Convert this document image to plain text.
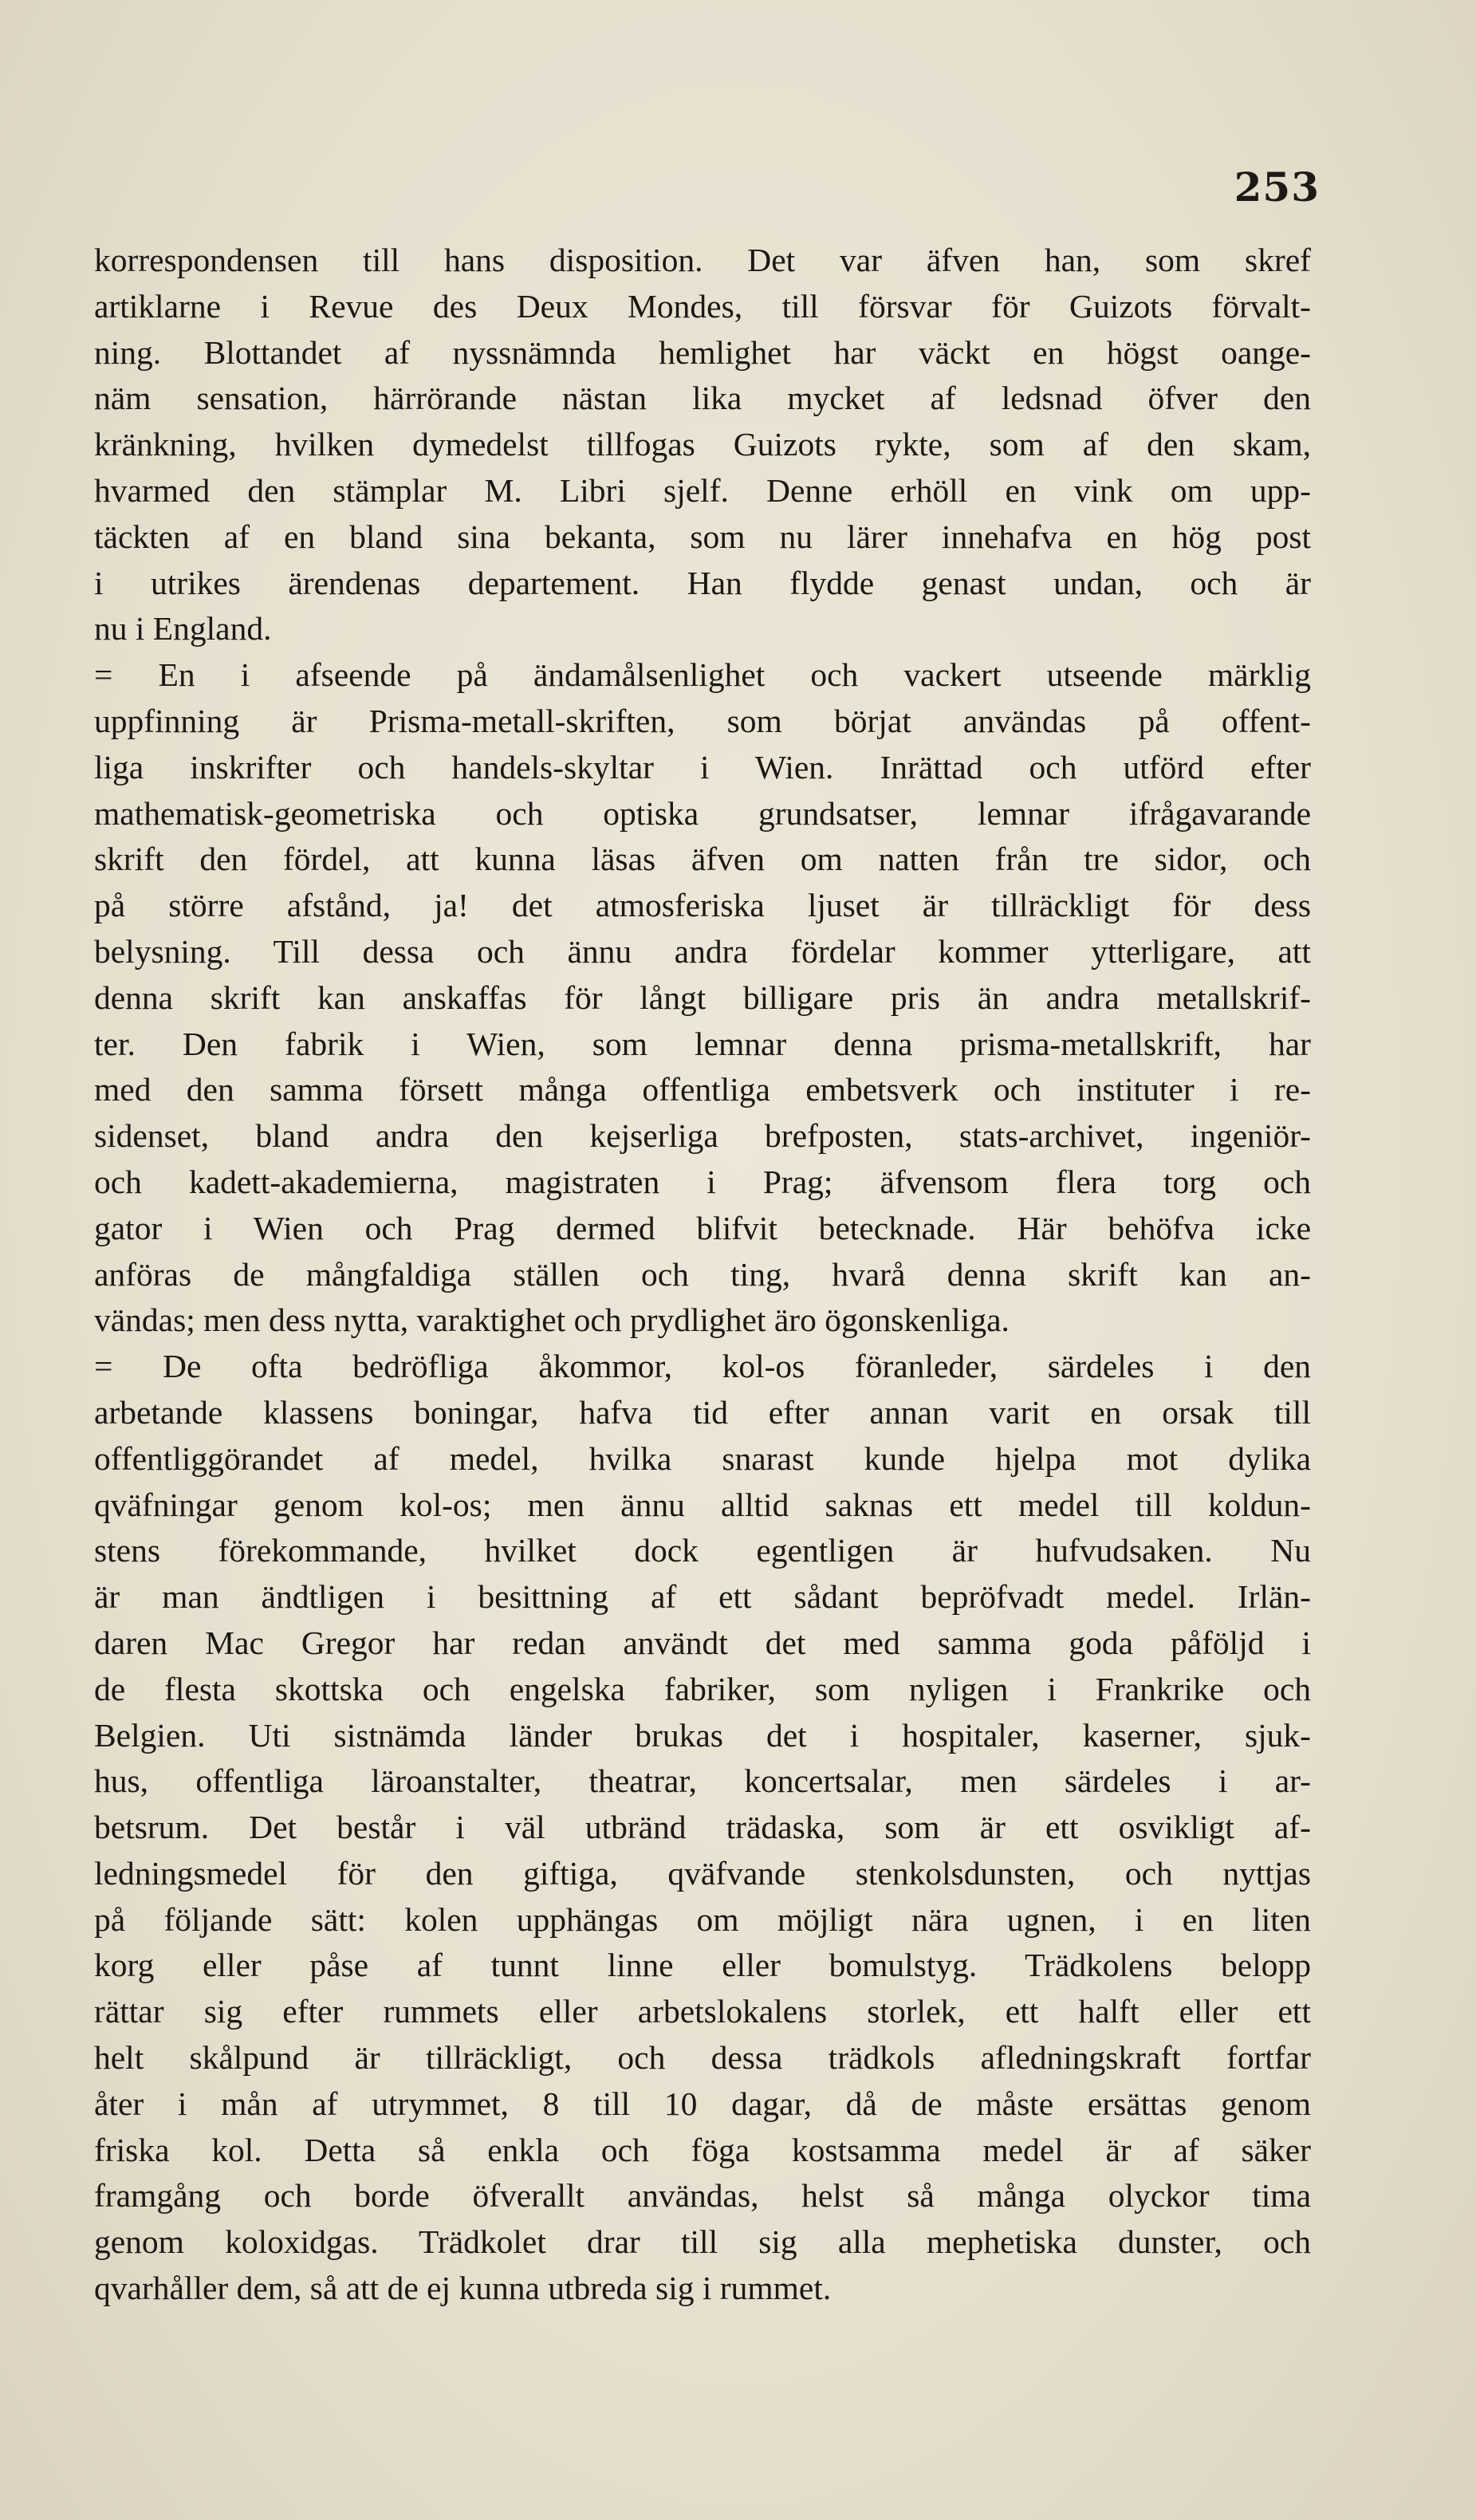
253
korrespondensen till hans disposition. Det var äfven han, som skref
artiklarne i Revue des Deux Mondes, till försvar för Guizots förvalt-
ning. Blottandet af nyssnämnda hemlighet har väckt en högst oange-
näm sensation, härrörande nästan lika mycket af ledsnad öfver den
kränkning, hvilken dymedelst tillfogas Guizots rykte, som af den skam,
hvarmed den stämplar M. Libri sjelf. Denne erhöll en vink om upp-
täckten af en bland sina bekanta, som nu lärer innehafva en hög post
i utrikes ärendenas departement. Han flydde genast undan, och är
nu i England.
= En i afseende på ändamålsenlighet och vackert utseende märklig
uppfinning är Prisma-metall-skriften, som börjat användas på offent-
liga inskrifter och handels-skyltar i Wien. Inrättad och utförd efter
mathematisk-geometriska och optiska grundsatser, lemnar ifrågavarande
skrift den fördel, att kunna läsas äfven om natten från tre sidor, och
på större afstånd, ja! det atmosferiska ljuset är tillräckligt för dess
belysning. Till dessa och ännu andra fördelar kommer ytterligare, att
denna skrift kan anskaffas för långt billigare pris än andra metallskrif-
ter. Den fabrik i Wien, som lemnar denna prisma-metallskrift, har
med den samma försett många offentliga embetsverk och instituter i re-
sidenset, bland andra den kejserliga brefposten, stats-archivet, ingeniör-
och kadett-akademierna, magistraten i Prag; äfvensom flera torg och
gator i Wien och Prag dermed blifvit betecknade. Här behöfva icke
anföras de mångfaldiga ställen och ting, hvarå denna skrift kan an-
vändas; men dess nytta, varaktighet och prydlighet äro ögonskenliga.
= De ofta bedröfliga åkommor, kol-os föranleder, särdeles i den
arbetande klassens boningar, hafva tid efter annan varit en orsak till
offentliggörandet af medel, hvilka snarast kunde hjelpa mot dylika
qväfningar genom kol-os; men ännu alltid saknas ett medel till koldun-
stens förekommande, hvilket dock egentligen är hufvudsaken. Nu
är man ändtligen i besittning af ett sådant bepröfvadt medel. Irlän-
daren Mac Gregor har redan användt det med samma goda påföljd i
de flesta skottska och engelska fabriker, som nyligen i Frankrike och
Belgien. Uti sistnämda länder brukas det i hospitaler, kaserner, sjuk-
hus, offentliga läroanstalter, theatrar, koncertsalar, men särdeles i ar-
betsrum. Det består i väl utbränd trädaska, som är ett osvikligt af-
ledningsmedel för den giftiga, qväfvande stenkolsdunsten, och nyttjas
på följande sätt: kolen upphängas om möjligt nära ugnen, i en liten
korg eller påse af tunnt linne eller bomulstyg. Trädkolens belopp
rättar sig efter rummets eller arbetslokalens storlek, ett halft eller ett
helt skålpund är tillräckligt, och dessa trädkols afledningskraft fortfar
åter i mån af utrymmet, 8 till 10 dagar, då de måste ersättas genom
friska kol. Detta så enkla och föga kostsamma medel är af säker
framgång och borde öfverallt användas, helst så många olyckor tima
genom koloxidgas. Trädkolet drar till sig alla mephetiska dunster, och
qvarhåller dem, så att de ej kunna utbreda sig i rummet.
